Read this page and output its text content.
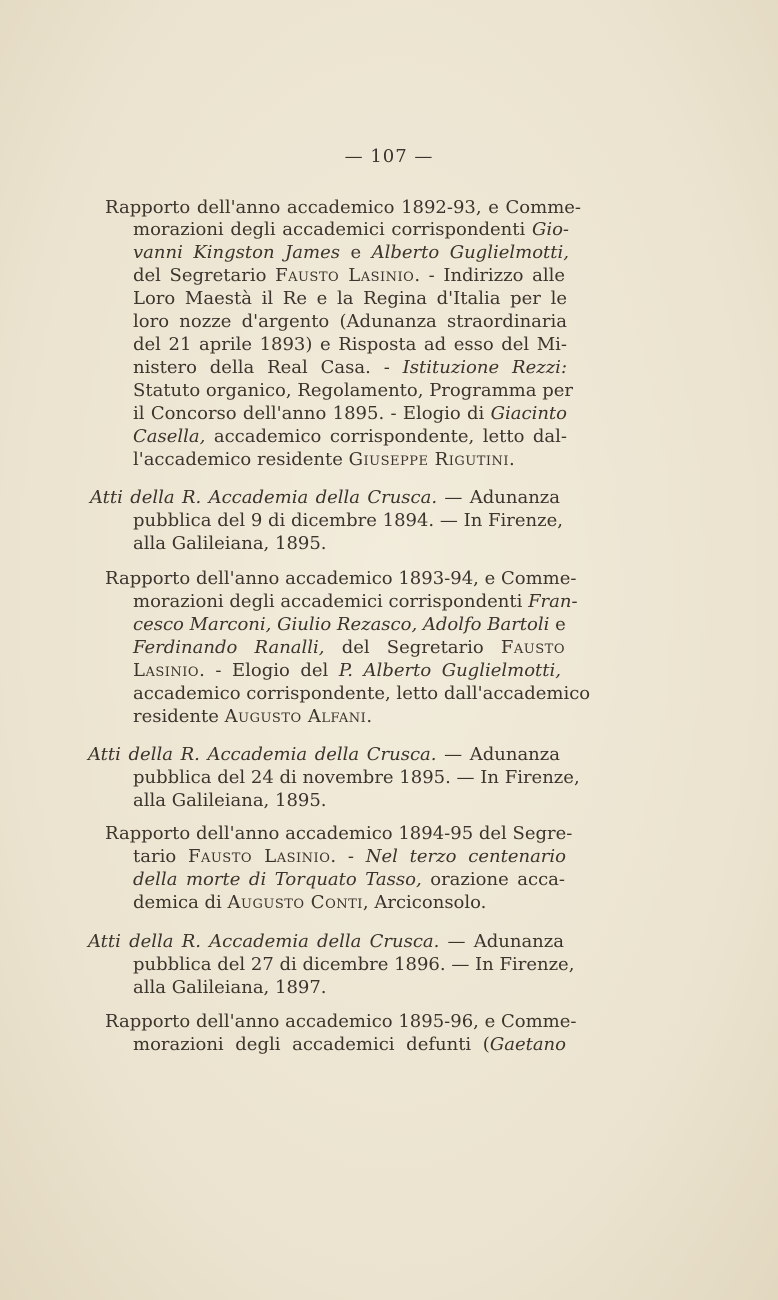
— 107 —
Rapporto dell'anno accademico 1892-93, e Comme-
morazioni degli accademici corrispondenti Gio-
vanni Kingston James e Alberto Guglielmotti,
del Segretario Fausto Lasinio. - Indirizzo alle
Loro Maestà il Re e la Regina d'Italia per le
loro nozze d'argento (Adunanza straordinaria
del 21 aprile 1893) e Risposta ad esso del Mi-
nistero della Real Casa. - Istituzione Rezzi:
Statuto organico, Regolamento, Programma per
il Concorso dell'anno 1895. - Elogio di Giacinto
Casella, accademico corrispondente, letto dal-
l'accademico residente Giuseppe Rigutini.
Atti della R. Accademia della Crusca. — Adunanza
pubblica del 9 di dicembre 1894. — In Firenze,
alla Galileiana, 1895.
Rapporto dell'anno accademico 1893-94, e Comme-
morazioni degli accademici corrispondenti Fran-
cesco Marconi, Giulio Rezasco, Adolfo Bartoli e
Ferdinando Ranalli, del Segretario Fausto
Lasinio. - Elogio del P. Alberto Guglielmotti,
accademico corrispondente, letto dall'accademico
residente Augusto Alfani.
Atti della R. Accademia della Crusca. — Adunanza
pubblica del 24 di novembre 1895. — In Firenze,
alla Galileiana, 1895.
Rapporto dell'anno accademico 1894-95 del Segre-
tario Fausto Lasinio. - Nel terzo centenario
della morte di Torquato Tasso, orazione acca-
demica di Augusto Conti, Arciconsolo.
Atti della R. Accademia della Crusca. — Adunanza
pubblica del 27 di dicembre 1896. — In Firenze,
alla Galileiana, 1897.
Rapporto dell'anno accademico 1895-96, e Comme-
morazioni degli accademici defunti (Gaetano
